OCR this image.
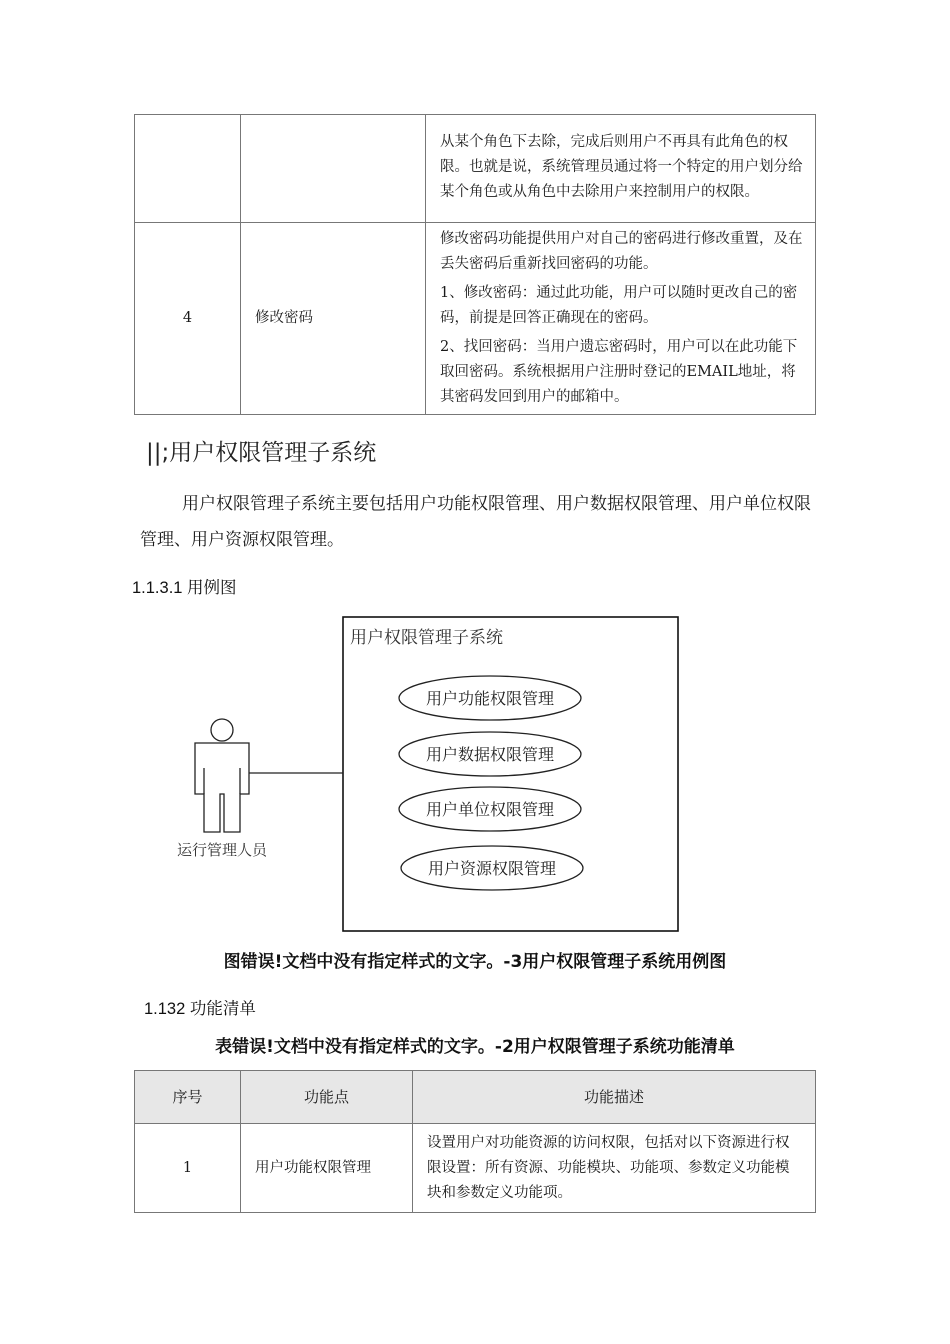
		从某个角色下去除，完成后则用户不再具有此角色的权限。也就是说，系统管理员通过将一个特定的用户划分给某个角色或从角色中去除用户来控制用户的权限。

4	修改密码	修改密码功能提供用户对自己的密码进行修改重置，及在丢失密码后重新找回密码的功能。

1、修改密码：通过此功能，用户可以随时更改自己的密码，前提是回答正确现在的密码。

2、找回密码：当用户遗忘密码时，用户可以在此功能下取回密码。系统根据用户注册时登记的EMAIL地址，将其密码发回到用户的邮箱中。

||;用户权限管理子系统

用户权限管理子系统主要包括用户功能权限管理、用户数据权限管理、用户单位权限管理、用户资源权限管理。

1.1.3.1 用例图
用户权限管理子系统
运行管理人员
用户功能权限管理
用户数据权限管理
用户单位权限管理
用户资源权限管理
图错误!文档中没有指定样式的文字。-3用户权限管理子系统用例图
1.132 功能清单
表错误!文档中没有指定样式的文字。-2用户权限管理子系统功能清单
序号	功能点	功能描述
1	用户功能权限管理	设置用户对功能资源的访问权限，包括对以下资源进行权限设置：所有资源、功能模块、功能项、参数定义功能模块和参数定义功能项。
